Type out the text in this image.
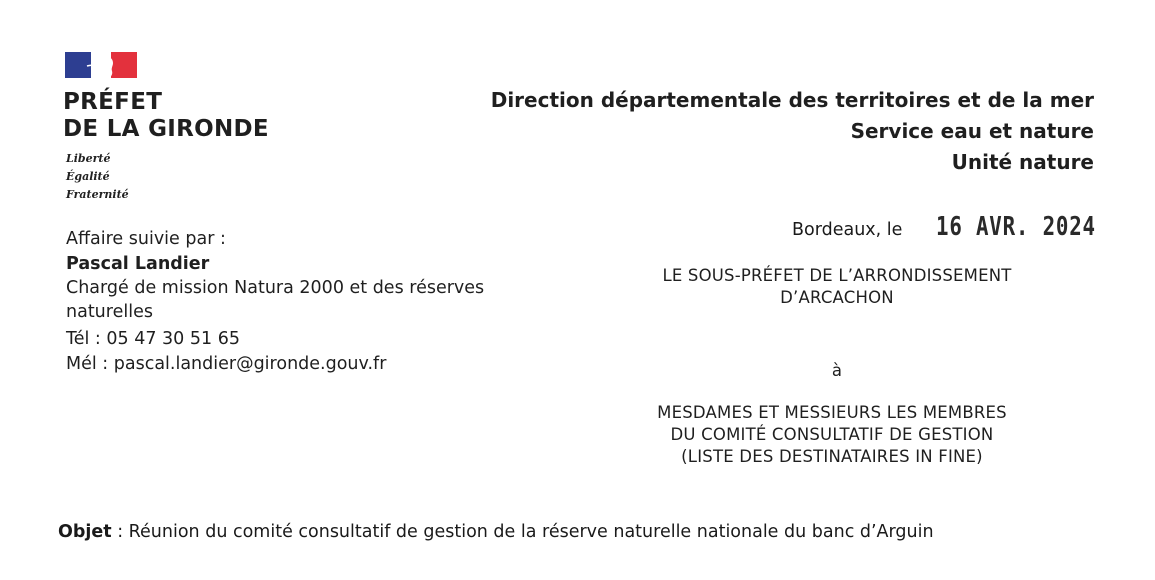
PRÉFET
DE LA GIRONDE
Liberté
Égalité
Fraternité
Direction départementale des territoires et de la mer
Service eau et nature
Unité nature
Affaire suivie par :
Pascal Landier
Chargé de mission Natura 2000 et des réserves
naturelles
Tél : 05 47 30 51 65
Mél : pascal.landier@gironde.gouv.fr
Bordeaux, le 16 AVR. 2024
LE SOUS-PRÉFET DE L’ARRONDISSEMENT
D’ARCACHON
à
MESDAMES ET MESSIEURS LES MEMBRES
DU COMITÉ CONSULTATIF DE GESTION
(LISTE DES DESTINATAIRES IN FINE)
Objet : Réunion du comité consultatif de gestion de la réserve naturelle nationale du banc d’Arguin
